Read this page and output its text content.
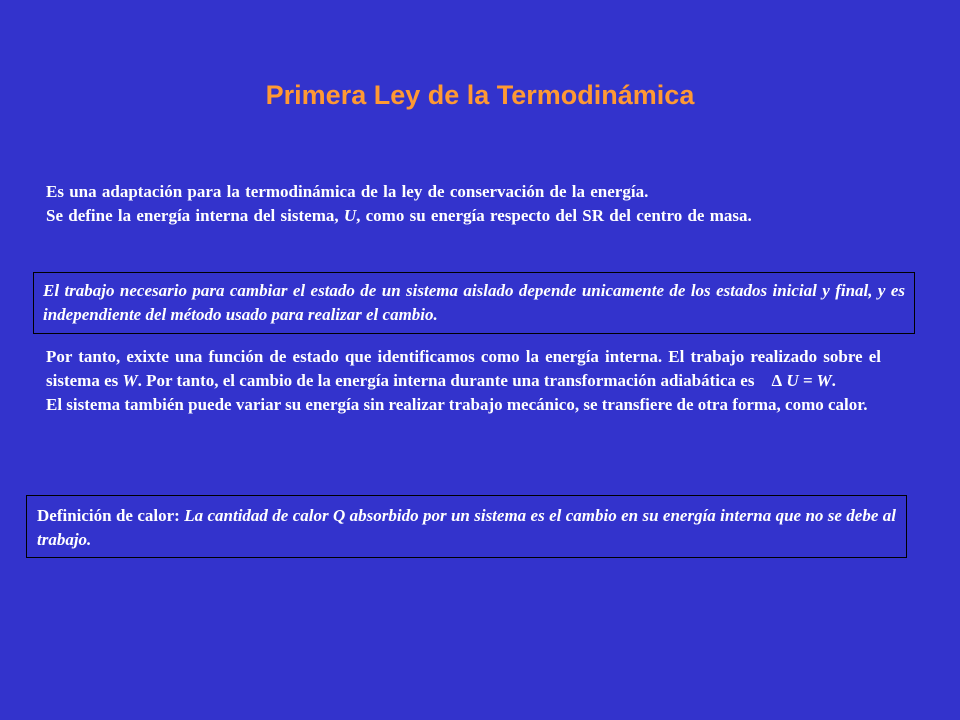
Primera Ley de la Termodinámica
Es una adaptación para la termodinámica de la ley de conservación de la energía.
Se define la energía interna del sistema, U, como su energía respecto del SR del centro de masa.

El trabajo necesario para cambiar el estado de un sistema aislado depende unicamente de los estados inicial y final, y es independiente del método usado para realizar el cambio.

Por tanto, exixte una función de estado que identificamos como la energía interna. El trabajo realizado sobre el sistema es W. Por tanto, el cambio de la energía interna durante una transformación adiabática es Δ U = W.
El sistema también puede variar su energía sin realizar trabajo mecánico, se transfiere de otra forma, como calor.

Definición de calor: La cantidad de calor Q absorbido por un sistema es el cambio en su energía interna que no se debe al trabajo.
